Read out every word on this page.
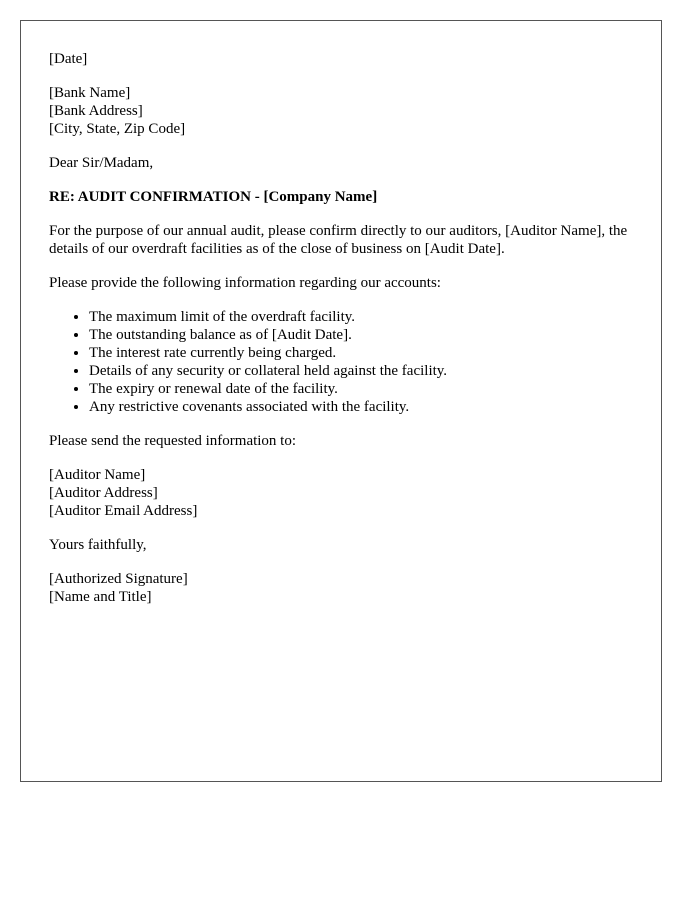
[Date]
[Bank Name]
[Bank Address]
[City, State, Zip Code]
Dear Sir/Madam,
RE: AUDIT CONFIRMATION - [Company Name]

For the purpose of our annual audit, please confirm directly to our auditors, [Auditor Name], the details of our overdraft facilities as of the close of business on [Audit Date].

Please provide the following information regarding our accounts:

• The maximum limit of the overdraft facility.
• The outstanding balance as of [Audit Date].
• The interest rate currently being charged.
• Details of any security or collateral held against the facility.
• The expiry or renewal date of the facility.
• Any restrictive covenants associated with the facility.

Please send the requested information to:

[Auditor Name]
[Auditor Address]
[Auditor Email Address]
Yours faithfully,
[Authorized Signature]
[Name and Title]
